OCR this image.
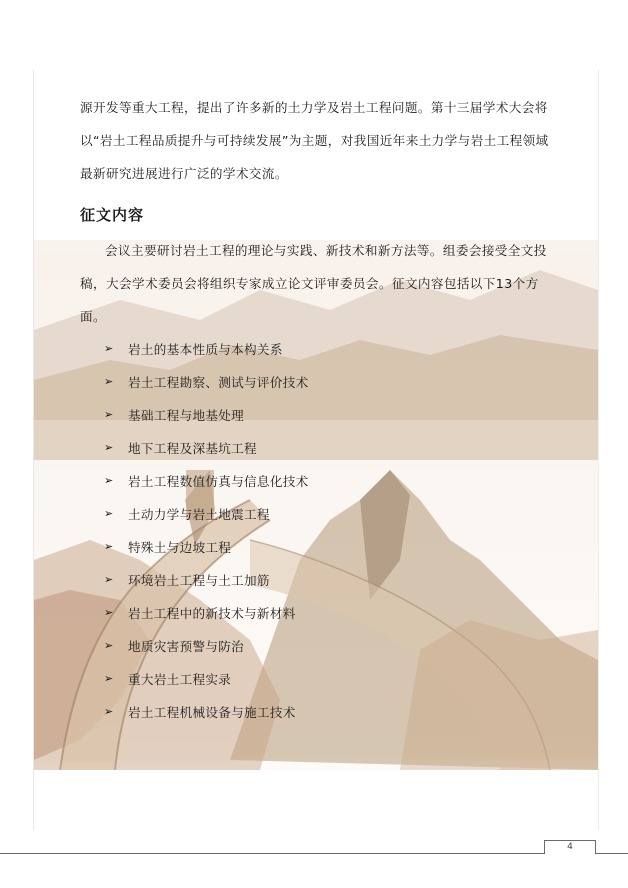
源开发等重大工程，提出了许多新的土力学及岩土工程问题。第十三届学术大会将以“岩土工程品质提升与可持续发展”为主题，对我国近年来土力学与岩土工程领域最新研究进展进行广泛的学术交流。

征文内容

会议主要研讨岩土工程的理论与实践、新技术和新方法等。组委会接受全文投稿，大会学术委员会将组织专家成立论文评审委员会。征文内容包括以下13个方面。

➢	岩土的基本性质与本构关系
➢	岩土工程勘察、测试与评价技术
➢	基础工程与地基处理
➢	地下工程及深基坑工程
➢	岩土工程数值仿真与信息化技术
➢	土动力学与岩土地震工程
➢	特殊土与边坡工程
➢	环境岩土工程与土工加筋
➢	岩土工程中的新技术与新材料
➢	地质灾害预警与防治
➢	重大岩土工程实录
➢	岩土工程机械设备与施工技术
4
